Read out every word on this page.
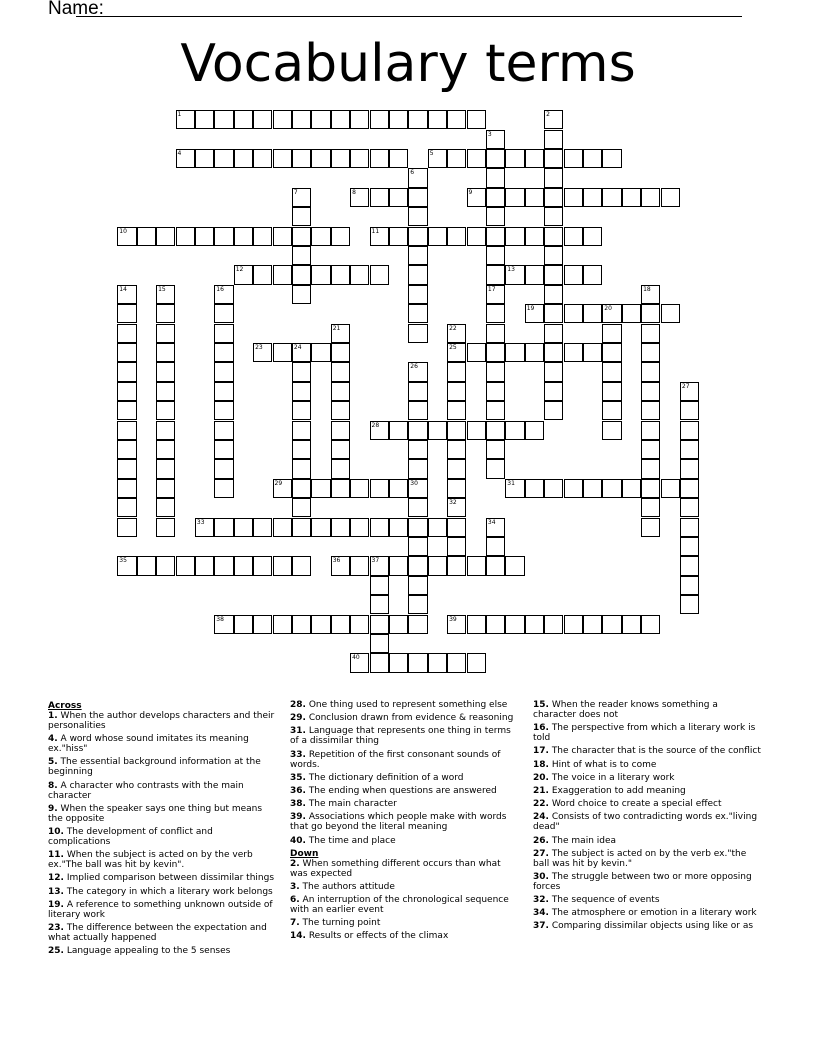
Name:
Vocabulary terms
1	2
3
17
4	5
6
7	8	9
10	11
12	13
14	15	16	18
19	20
21	22
25
32
23	24
26
30
27
28
29	31
33	34
35	36	37
38	39
40
Across
1. When the author develops characters and their personalities
4. A word whose sound imitates its meaning ex."hiss"
5. The essential background information at the beginning
8. A character who contrasts with the main character
9. When the speaker says one thing but means the opposite
10. The development of conflict and complications
11. When the subject is acted on by the verb ex."The ball was hit by kevin".
12. Implied comparison between dissimilar things
13. The category in which a literary work belongs
19. A reference to something unknown outside of literary work
23. The difference between the expectation and what actually happened
25. Language appealing to the 5 senses
28. One thing used to represent something else
29. Conclusion drawn from evidence & reasoning
31. Language that represents one thing in terms of a dissimilar thing
33. Repetition of the first consonant sounds of words.
35. The dictionary definition of a word
36. The ending when questions are answered
38. The main character
39. Associations which people make with words that go beyond the literal meaning
40. The time and place
Down
2. When something different occurs than what was expected
3. The authors attitude
6. An interruption of the chronological sequence with an earlier event
7. The turning point
14. Results or effects of the climax
15. When the reader knows something a character does not
16. The perspective from which a literary work is told
17. The character that is the source of the conflict
18. Hint of what is to come
20. The voice in a literary work
21. Exaggeration to add meaning
22. Word choice to create a special effect
24. Consists of two contradicting words ex."living dead"
26. The main idea
27. The subject is acted on by the verb ex."the ball was hit by kevin."
30. The struggle between two or more opposing forces
32. The sequence of events
34. The atmosphere or emotion in a literary work
37. Comparing dissimilar objects using like or as
